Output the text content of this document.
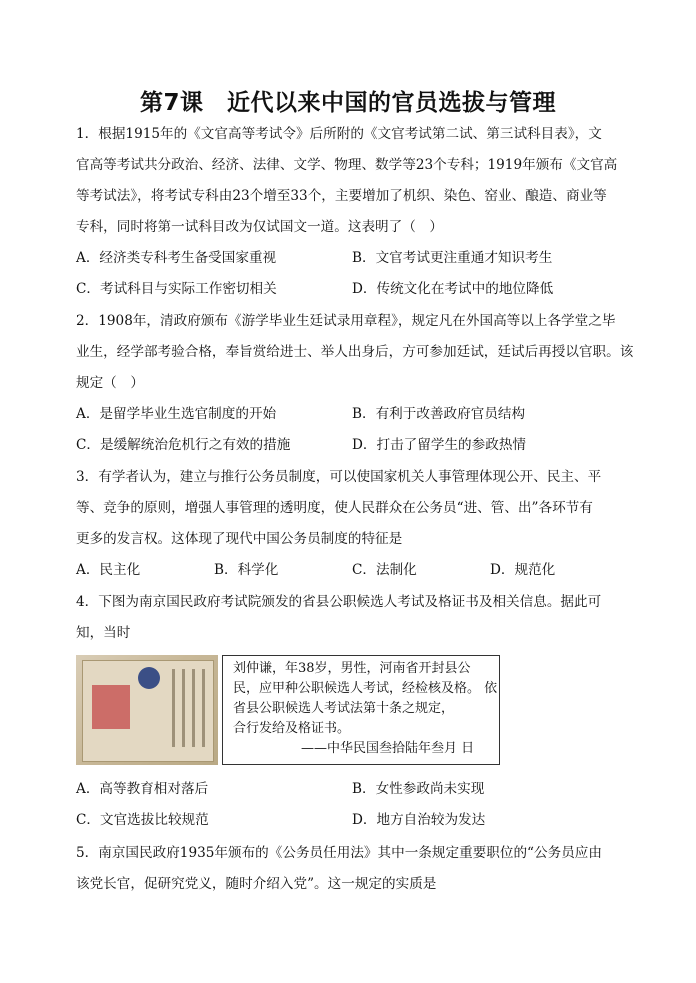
第7课　近代以来中国的官员选拔与管理
1．根据1915年的《文官高等考试令》后所附的《文官考试第二试、第三试科目表》，文
官高等考试共分政治、经济、法律、文学、物理、数学等23个专科；1919年颁布《文官高
等考试法》，将考试专科由23个增至33个，主要增加了机织、染色、窑业、酿造、商业等
专科，同时将第一试科目改为仅试国文一道。这表明了（　）
A．经济类专科考生备受国家重视	B．文官考试更注重通才知识考生
C．考试科目与实际工作密切相关	D．传统文化在考试中的地位降低
2．1908年，清政府颁布《游学毕业生廷试录用章程》，规定凡在外国高等以上各学堂之毕
业生，经学部考验合格，奉旨赏给进士、举人出身后，方可参加廷试，廷试后再授以官职。该
规定（　）
A．是留学毕业生选官制度的开始	B．有利于改善政府官员结构
C．是缓解统治危机行之有效的措施	D．打击了留学生的参政热情
3．有学者认为，建立与推行公务员制度，可以使国家机关人事管理体现公开、民主、平
等、竞争的原则，增强人事管理的透明度，使人民群众在公务员“进、管、出”各环节有
更多的发言权。这体现了现代中国公务员制度的特征是
A．民主化	B．科学化	C．法制化	D．规范化
4．下图为南京国民政府考试院颁发的省县公职候选人考试及格证书及相关信息。据此可
知，当时
刘仲谦，年38岁，男性，河南省开封县公
民，应甲种公职候选人考试，经检核及格。 依
省县公职候选人考试法第十条之规定，
合行发给及格证书。
——中华民国叁拾陆年叁月 日
A．高等教育相对落后	B．女性参政尚未实现
C．文官选拔比较规范	D．地方自治较为发达
5．南京国民政府1935年颁布的《公务员任用法》其中一条规定重要职位的“公务员应由
该党长官，促研究党义，随时介绍入党”。这一规定的实质是
